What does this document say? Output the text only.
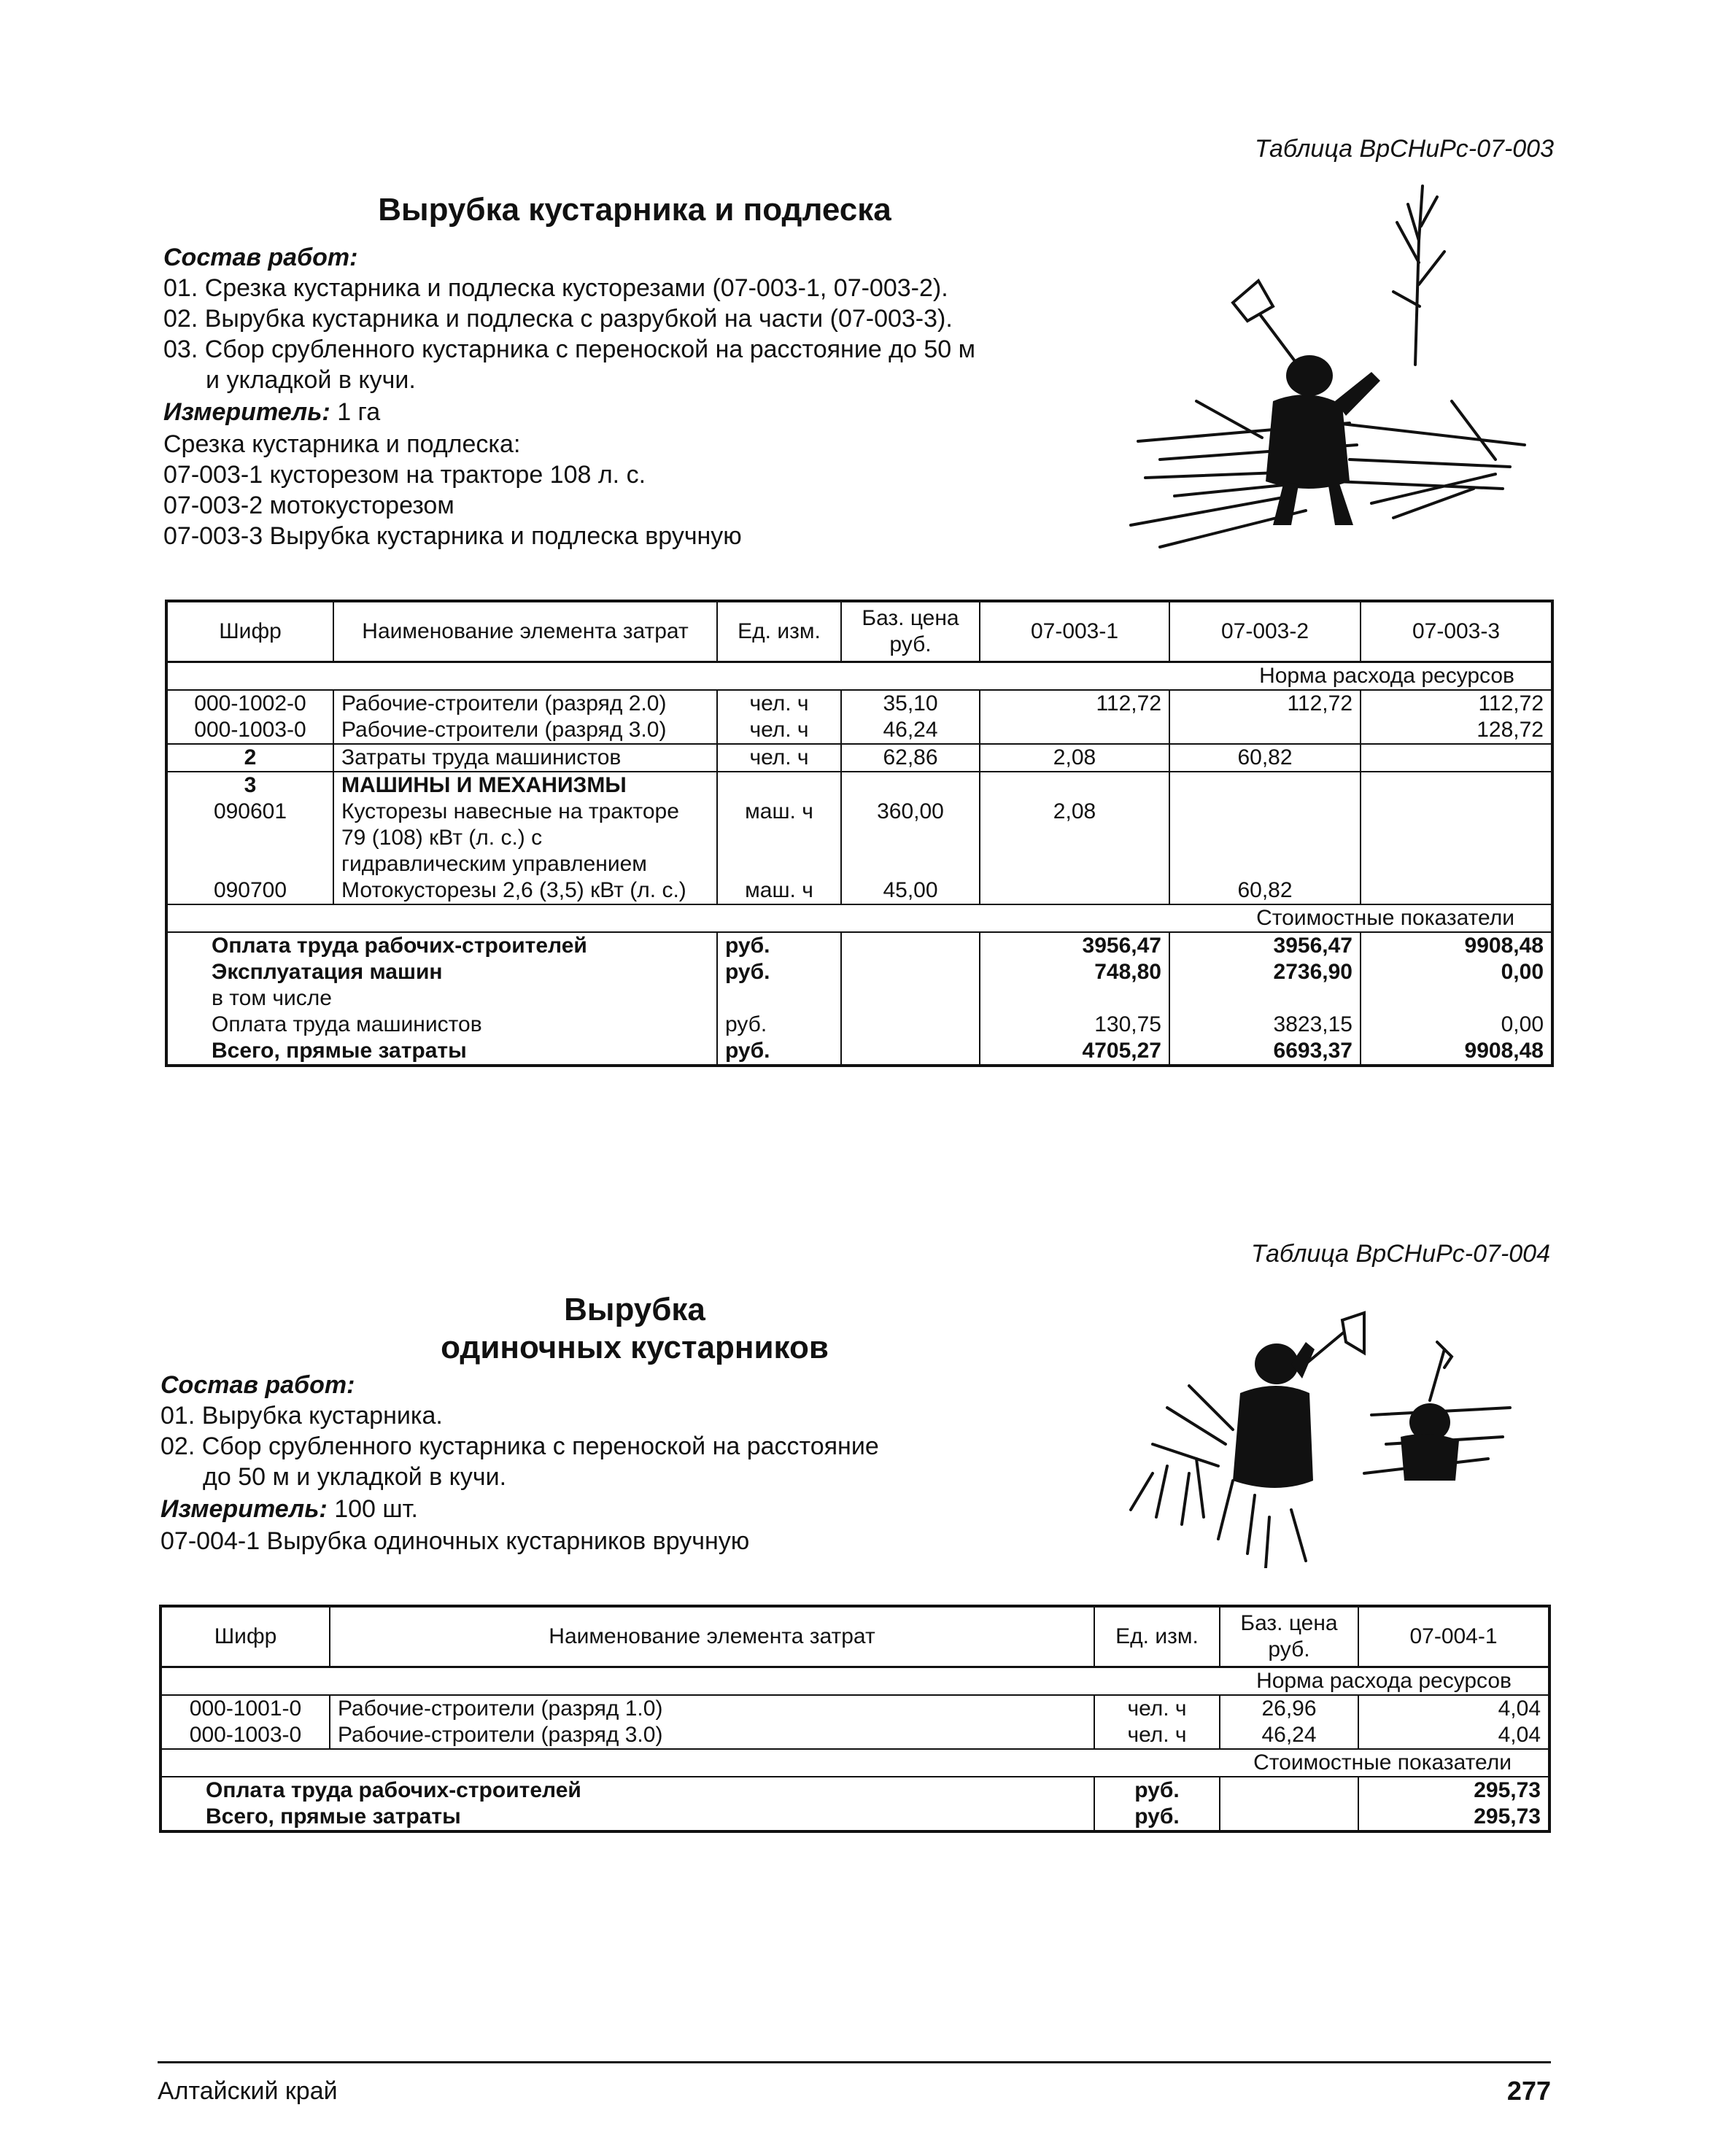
Таблица ВрСНиРс-07-003
Вырубка кустарника и подлеска
Состав работ:
01. Срезка кустарника и подлеска кусторезами (07-003-1, 07-003-2).
02. Вырубка кустарника и подлеска с разрубкой на части (07-003-3).
03. Сбор срубленного кустарника с переноской на расстояние до 50 м
и укладкой в кучи.
Измеритель: 1 га
Срезка кустарника и подлеска:
07-003-1 кусторезом на тракторе 108 л. с.
07-003-2 мотокусторезом
07-003-3 Вырубка кустарника и подлеска вручную
Шифр	Наименование элемента затрат	Ед. изм.	Баз. цена руб.	07-003-1	07-003-2	07-003-3
Норма расхода ресурсов						
000-1002-0	Рабочие-строители (разряд 2.0)	чел. ч	35,10	112,72	112,72	112,72
000-1003-0	Рабочие-строители (разряд 3.0)	чел. ч	46,24			128,72
2	Затраты труда машинистов	чел. ч	62,86	2,08	60,82	
3	МАШИНЫ И МЕХАНИЗМЫ					
090601	Кусторезы навесные на тракторе 79 (108) кВт (л. с.) с гидравлическим управлением	маш. ч	360,00	2,08		
090700	Мотокусторезы 2,6 (3,5) кВт (л. с.)	маш. ч	45,00		60,82	
Стоимостные показатели						
Оплата труда рабочих-строителей		руб.		3956,47	3956,47	9908,48
Эксплуатация машин		руб.		748,80	2736,90	0,00
в том числе						
Оплата труда машинистов		руб.		130,75	3823,15	0,00
Всего, прямые затраты		руб.		4705,27	6693,37	9908,48
Таблица ВрСНиРс-07-004
Вырубка
одиночных кустарников
Состав работ:
01. Вырубка кустарника.
02. Сбор срубленного кустарника с переноской на расстояние
до 50 м и укладкой в кучи.
Измеритель: 100 шт.
07-004-1 Вырубка одиночных кустарников вручную
Шифр	Наименование элемента затрат	Ед. изм.	Баз. цена руб.	07-004-1
Норма расхода ресурсов				
000-1001-0	Рабочие-строители (разряд 1.0)	чел. ч	26,96	4,04
000-1003-0	Рабочие-строители (разряд 3.0)	чел. ч	46,24	4,04
Стоимостные показатели				
Оплата труда рабочих-строителей		руб.		295,73
Всего, прямые затраты		руб.		295,73
Алтайский край	277
